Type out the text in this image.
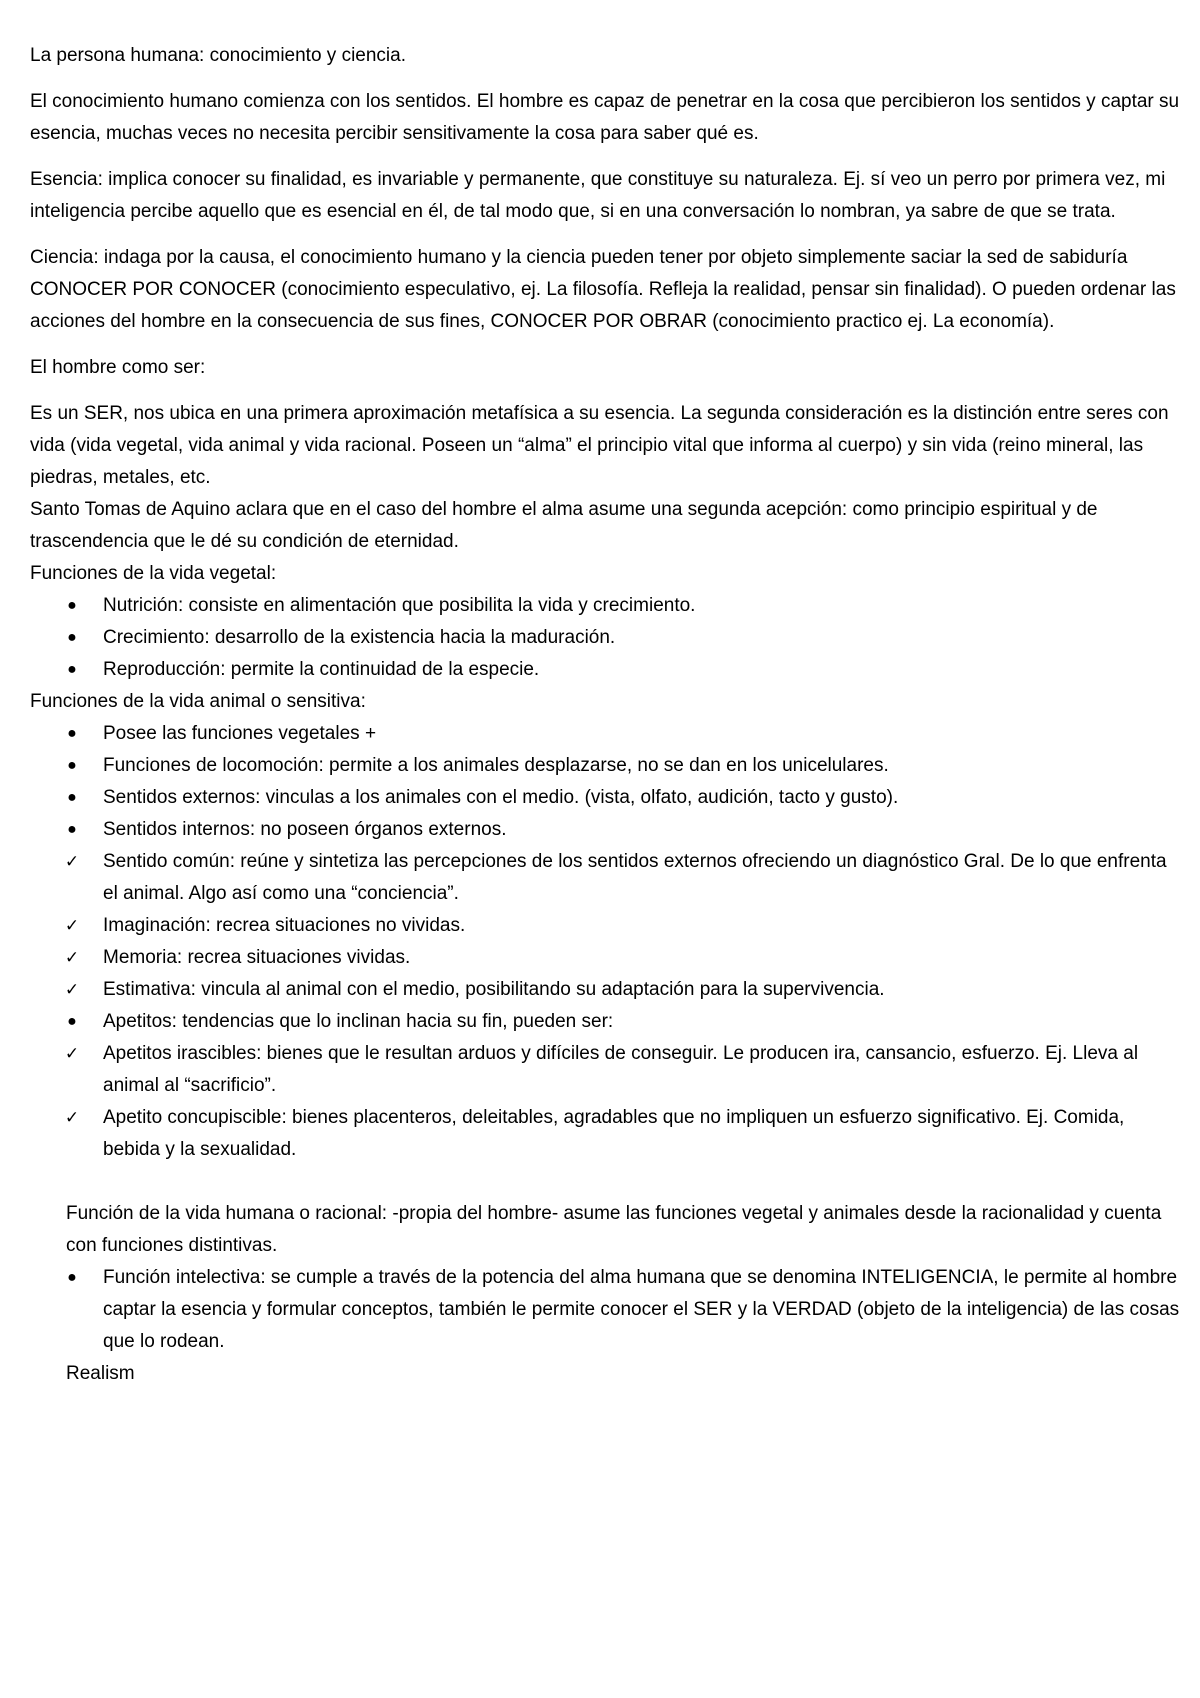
La persona humana: conocimiento y ciencia.

El conocimiento humano comienza con los sentidos. El hombre es capaz de penetrar en la cosa que percibieron los sentidos y captar su esencia, muchas veces no necesita percibir sensitivamente la cosa para saber qué es.

Esencia: implica conocer su finalidad, es invariable y permanente, que constituye su naturaleza. Ej. sí veo un perro por primera vez, mi inteligencia percibe aquello que es esencial en él, de tal modo que, si en una conversación lo nombran, ya sabre de que se trata.

Ciencia: indaga por la causa, el conocimiento humano y la ciencia pueden tener por objeto simplemente saciar la sed de sabiduría CONOCER POR CONOCER (conocimiento especulativo, ej. La filosofía. Refleja la realidad, pensar sin finalidad). O pueden ordenar las acciones del hombre en la consecuencia de sus fines, CONOCER POR OBRAR (conocimiento practico ej. La economía).

El hombre como ser:

Es un SER, nos ubica en una primera aproximación metafísica a su esencia. La segunda consideración es la distinción entre seres con vida (vida vegetal, vida animal y vida racional. Poseen un “alma” el principio vital que informa al cuerpo) y sin vida (reino mineral, las piedras, metales, etc.

Santo Tomas de Aquino aclara que en el caso del hombre el alma asume una segunda acepción: como principio espiritual y de trascendencia que le dé su condición de eternidad.

Funciones de la vida vegetal:

● Nutrición: consiste en alimentación que posibilita la vida y crecimiento.
● Crecimiento: desarrollo de la existencia hacia la maduración.
● Reproducción: permite la continuidad de la especie.

Funciones de la vida animal o sensitiva:

● Posee las funciones vegetales +
● Funciones de locomoción: permite a los animales desplazarse, no se dan en los unicelulares.
● Sentidos externos: vinculas a los animales con el medio. (vista, olfato, audición, tacto y gusto).
● Sentidos internos: no poseen órganos externos.
✓ Sentido común: reúne y sintetiza las percepciones de los sentidos externos ofreciendo un diagnóstico Gral. De lo que enfrenta el animal. Algo así como una “conciencia”.
✓ Imaginación: recrea situaciones no vividas.
✓ Memoria: recrea situaciones vividas.
✓ Estimativa: vincula al animal con el medio, posibilitando su adaptación para la supervivencia.
● Apetitos: tendencias que lo inclinan hacia su fin, pueden ser:
✓ Apetitos irascibles: bienes que le resultan arduos y difíciles de conseguir. Le producen ira, cansancio, esfuerzo. Ej. Lleva al animal al “sacrificio”.
✓ Apetito concupiscible: bienes placenteros, deleitables, agradables que no impliquen un esfuerzo significativo. Ej. Comida, bebida y la sexualidad.

Función de la vida humana o racional: -propia del hombre- asume las funciones vegetal y animales desde la racionalidad y cuenta con funciones distintivas.

● Función intelectiva: se cumple a través de la potencia del alma humana que se denomina INTELIGENCIA, le permite al hombre captar la esencia y formular conceptos, también le permite conocer el SER y la VERDAD (objeto de la inteligencia) de las cosas que lo rodean.

Realism
